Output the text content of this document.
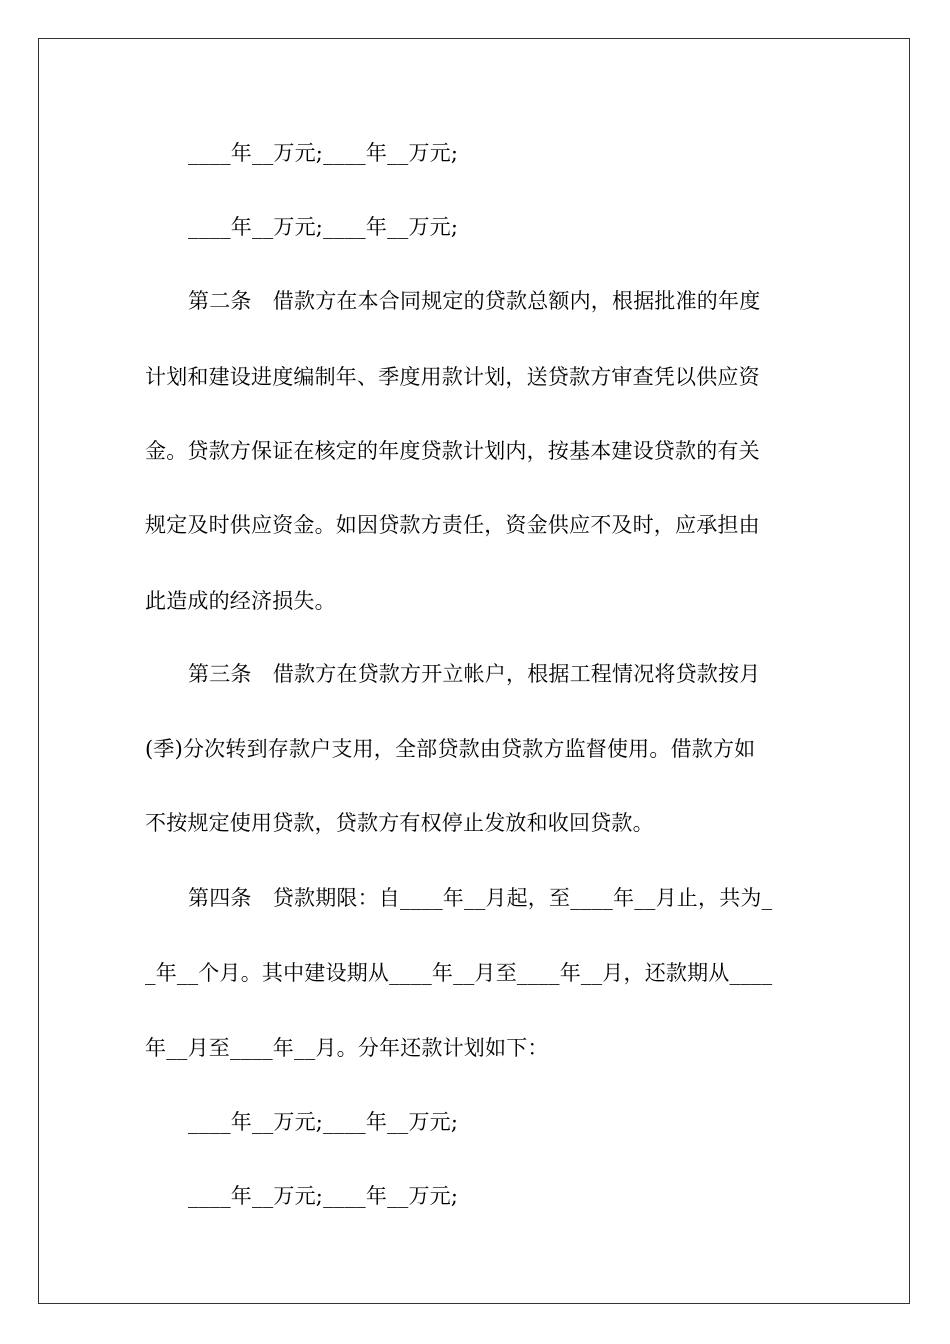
____年__万元;____年__万元;
____年__万元;____年__万元;
第二条　借款方在本合同规定的贷款总额内，根据批准的年度
计划和建设进度编制年、季度用款计划，送贷款方审查凭以供应资
金。贷款方保证在核定的年度贷款计划内，按基本建设贷款的有关
规定及时供应资金。如因贷款方责任，资金供应不及时，应承担由
此造成的经济损失。
第三条　借款方在贷款方开立帐户，根据工程情况将贷款按月
(季)分次转到存款户支用，全部贷款由贷款方监督使用。借款方如
不按规定使用贷款，贷款方有权停止发放和收回贷款。
第四条　贷款期限：自____年__月起，至____年__月止，共为_
_年__个月。其中建设期从____年__月至____年__月，还款期从____
年__月至____年__月。分年还款计划如下：
____年__万元;____年__万元;
____年__万元;____年__万元;
